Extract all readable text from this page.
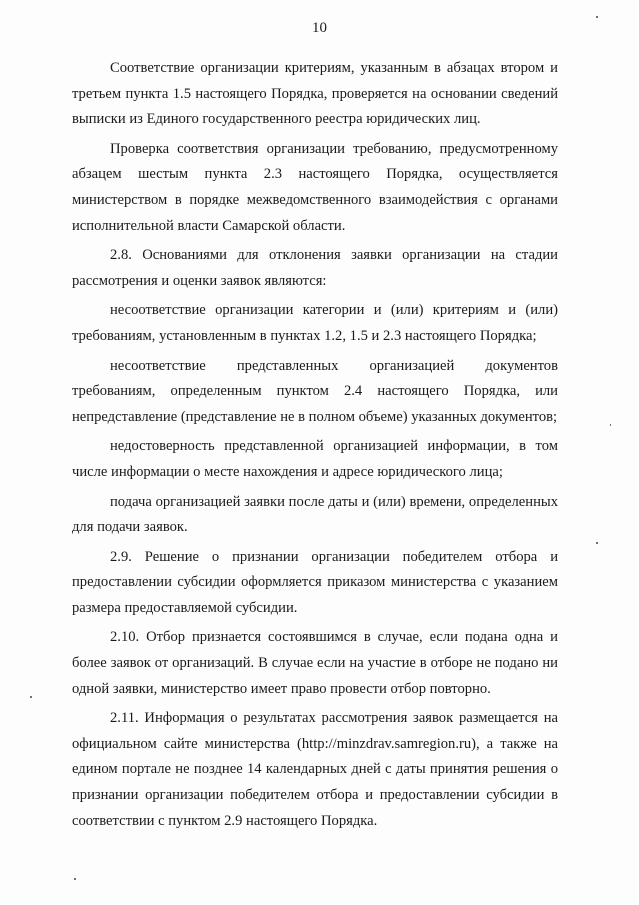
10

Соответствие организации критериям, указанным в абзацах втором и третьем пункта 1.5 настоящего Порядка, проверяется на основании сведений выписки из Единого государственного реестра юридических лиц.

Проверка соответствия организации требованию, предусмотренному абзацем шестым пункта 2.3 настоящего Порядка, осуществляется министерством в порядке межведомственного взаимодействия с органами исполнительной власти Самарской области.

2.8. Основаниями для отклонения заявки организации на стадии рассмотрения и оценки заявок являются:

несоответствие организации категории и (или) критериям и (или) требованиям, установленным в пунктах 1.2, 1.5 и 2.3 настоящего Порядка;

несоответствие представленных организацией документов требованиям, определенным пунктом 2.4 настоящего Порядка, или непредставление (представление не в полном объеме) указанных документов;

недостоверность представленной организацией информации, в том числе информации о месте нахождения и адресе юридического лица;

подача организацией заявки после даты и (или) времени, определенных для подачи заявок.

2.9. Решение о признании организации победителем отбора и предоставлении субсидии оформляется приказом министерства с указанием размера предоставляемой субсидии.

2.10. Отбор признается состоявшимся в случае, если подана одна и более заявок от организаций. В случае если на участие в отборе не подано ни одной заявки, министерство имеет право провести отбор повторно.

2.11. Информация о результатах рассмотрения заявок размещается на официальном сайте министерства (http://minzdrav.samregion.ru), а также на едином портале не позднее 14 календарных дней с даты принятия решения о признании организации победителем отбора и предоставлении субсидии в соответствии с пунктом 2.9 настоящего Порядка.
